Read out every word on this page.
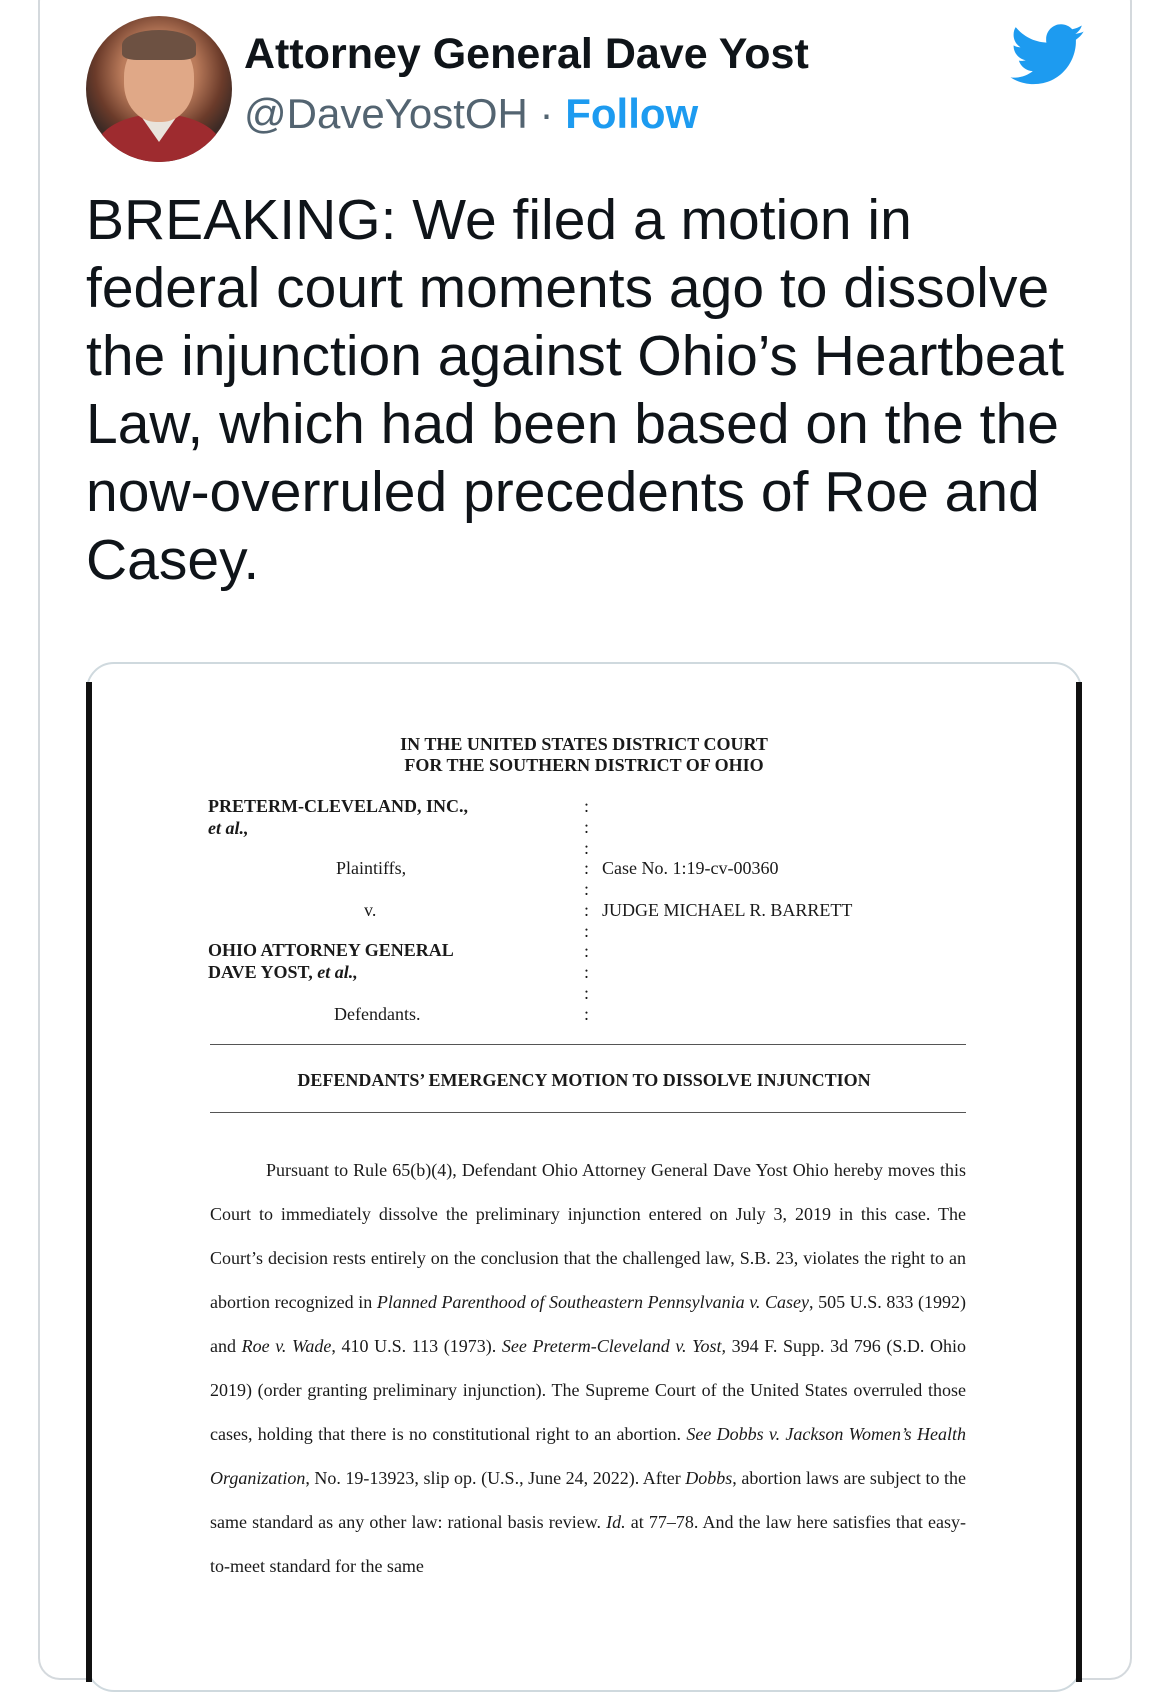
Attorney General Dave Yost
@DaveYostOH · Follow
BREAKING: We filed a motion in federal court moments ago to dissolve the injunction against Ohio’s Heartbeat Law, which had been based on the the now-overruled precedents of Roe and Casey.
IN THE UNITED STATES DISTRICT COURT
FOR THE SOUTHERN DISTRICT OF OHIO
PRETERM-CLEVELAND, INC.,
et al.,
Plaintiffs,
v.
OHIO ATTORNEY GENERAL
DAVE YOST, et al.,
Defendants.
:
:
:
:
:
:
:
:
:
:
:
Case No. 1:19-cv-00360
JUDGE MICHAEL R. BARRETT
DEFENDANTS’ EMERGENCY MOTION TO DISSOLVE INJUNCTION
Pursuant to Rule 65(b)(4), Defendant Ohio Attorney General Dave Yost Ohio hereby moves this Court to immediately dissolve the preliminary injunction entered on July 3, 2019 in this case. The Court’s decision rests entirely on the conclusion that the challenged law, S.B. 23, violates the right to an abortion recognized in Planned Parenthood of Southeastern Pennsylvania v. Casey, 505 U.S. 833 (1992) and Roe v. Wade, 410 U.S. 113 (1973). See Preterm-Cleveland v. Yost, 394 F. Supp. 3d 796 (S.D. Ohio 2019) (order granting preliminary injunction). The Supreme Court of the United States overruled those cases, holding that there is no constitutional right to an abortion. See Dobbs v. Jackson Women’s Health Organization, No. 19-13923, slip op. (U.S., June 24, 2022). After Dobbs, abortion laws are subject to the same standard as any other law: rational basis review. Id. at 77–78. And the law here satisfies that easy-to-meet standard for the same
